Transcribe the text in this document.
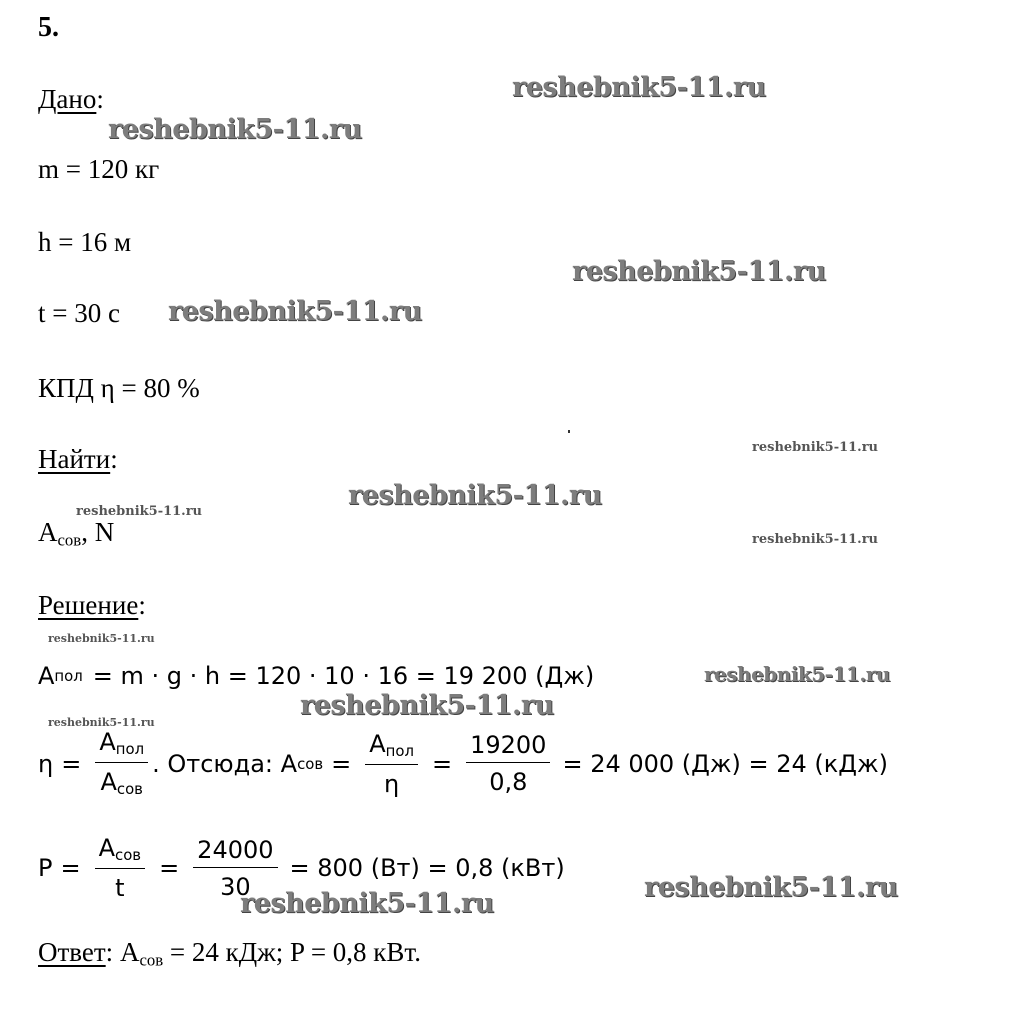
5.
Дано:
m = 120 кг
h = 16 м
t = 30 с
КПД η = 80 %
Найти:
$A_{сов}$, N
Решение:
A пол = m · g · h = 120 · 10 · 16 = 19 200 (Дж)
$\eta = \frac{A_{пол}}{A_{сов}}$ . Отсюда: A сов = $\frac{A_{пол}}{\eta} = \frac{19200}{0,8} = 24$ 000 (Дж) = 24 (кДж)
$P = \frac{A_{сов}}{t} = \frac{24000}{30} = 800$ (Вт) = 0,8 (кВт)
Ответ: $A_{сов} = 24$ кДж; P = 0,8 кВт.
reshebnik5-11.ru
reshebnik5-11.ru
reshebnik5-11.ru
reshebnik5-11.ru
reshebnik5-11.ru
reshebnik5-11.ru
reshebnik5-11.ru
reshebnik5-11.ru
reshebnik5-11.ru
reshebnik5-11.ru
reshebnik5-11.ru
reshebnik5-11.ru
reshebnik5-11.ru
reshebnik5-11.ru
